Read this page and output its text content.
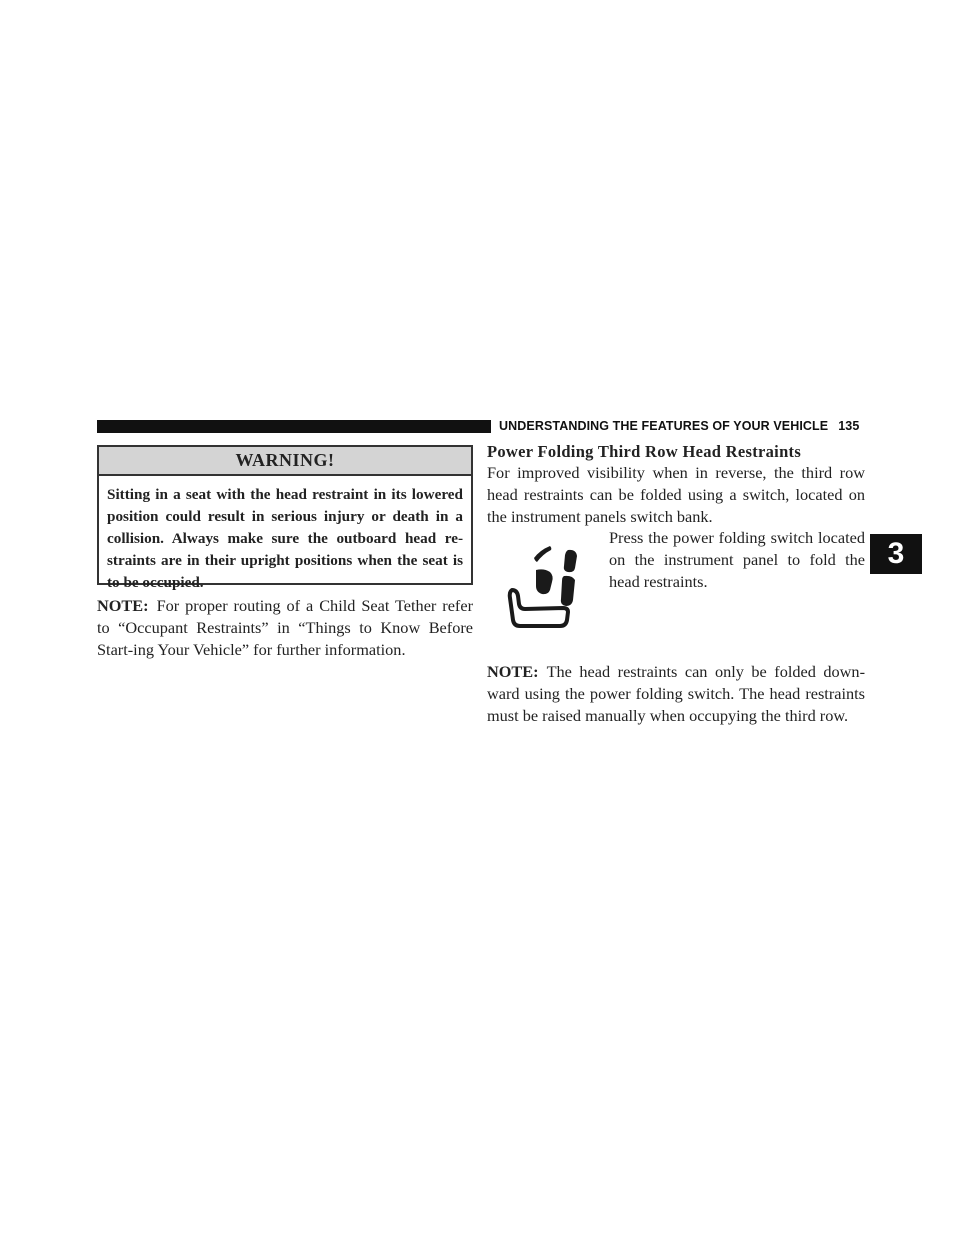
UNDERSTANDING THE FEATURES OF YOUR VEHICLE 135
3
WARNING!
Sitting in a seat with the head restraint in its lowered position could result in serious injury or death in a collision. Always make sure the outboard head re-straints are in their upright positions when the seat is to be occupied.
NOTE: For proper routing of a Child Seat Tether refer to “Occupant Restraints” in “Things to Know Before Start-ing Your Vehicle” for further information.
Power Folding Third Row Head Restraints
For improved visibility when in reverse, the third row head restraints can be folded using a switch, located on the instrument panels switch bank.
Press the power folding switch located on the instrument panel to fold the head restraints.
NOTE: The head restraints can only be folded down-ward using the power folding switch. The head restraints must be raised manually when occupying the third row.
